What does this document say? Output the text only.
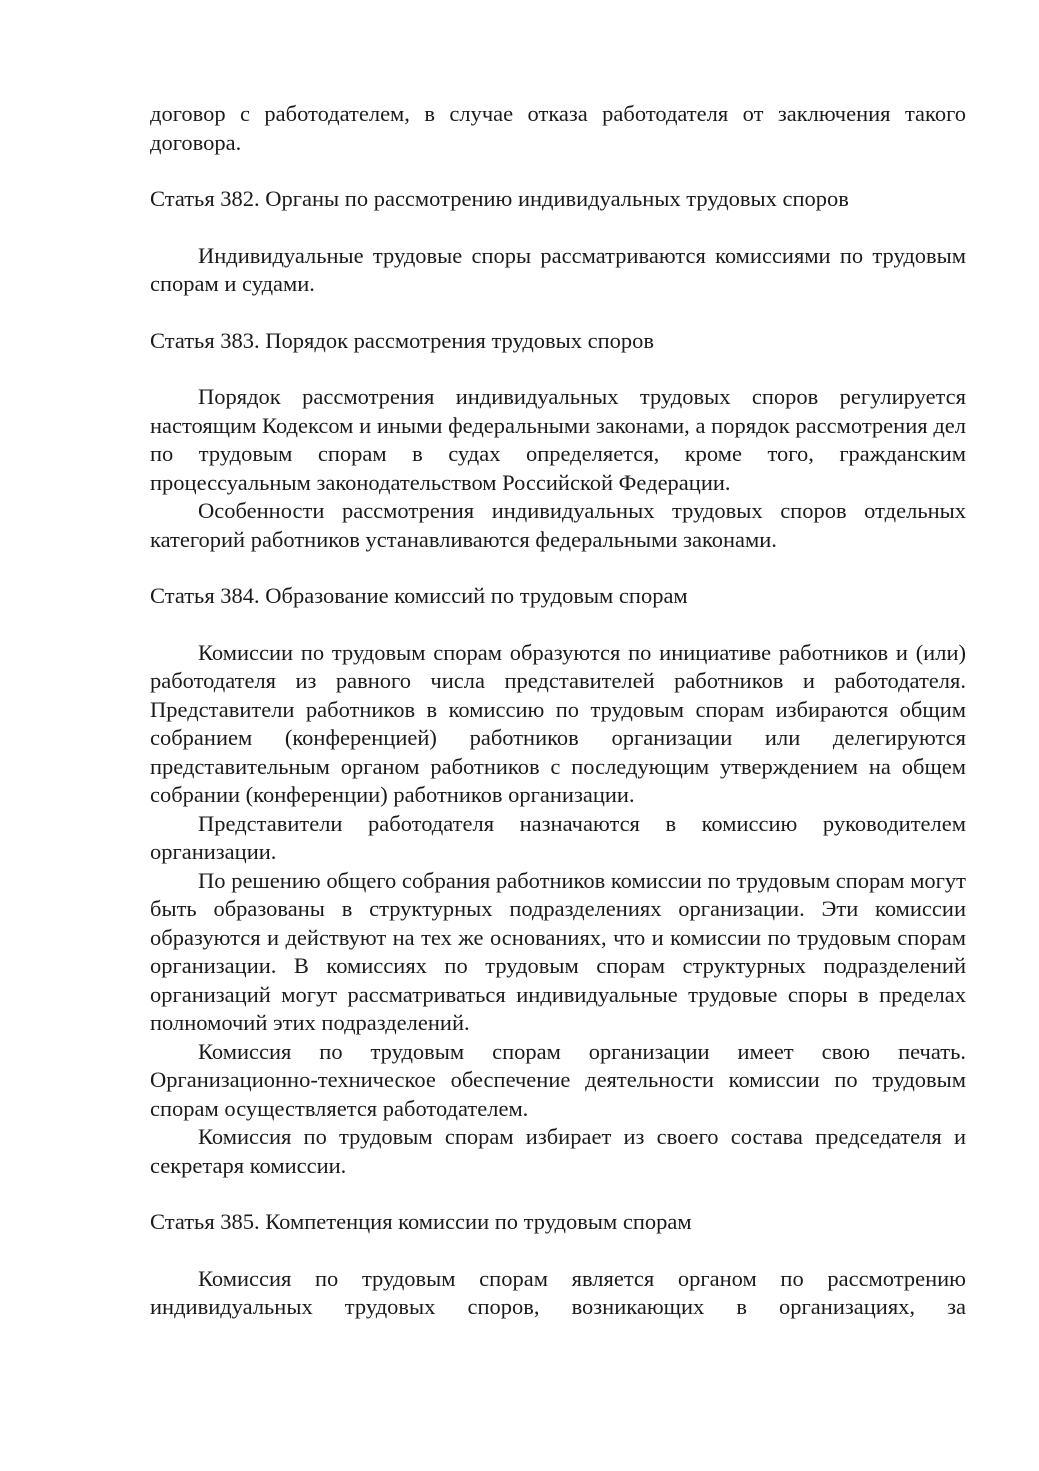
договор с работодателем, в случае отказа работодателя от заключения такого договора.

Статья 382. Органы по рассмотрению индивидуальных трудовых споров

Индивидуальные трудовые споры рассматриваются комиссиями по трудовым спорам и судами.

Статья 383. Порядок рассмотрения трудовых споров

Порядок рассмотрения индивидуальных трудовых споров регулируется настоящим Кодексом и иными федеральными законами, а порядок рассмотрения дел по трудовым спорам в судах определяется, кроме того, гражданским процессуальным законодательством Российской Федерации.

Особенности рассмотрения индивидуальных трудовых споров отдельных категорий работников устанавливаются федеральными законами.

Статья 384. Образование комиссий по трудовым спорам

Комиссии по трудовым спорам образуются по инициативе работников и (или) работодателя из равного числа представителей работников и работодателя. Представители работников в комиссию по трудовым спорам избираются общим собранием (конференцией) работников организации или делегируются представительным органом работников с последующим утверждением на общем собрании (конференции) работников организации.

Представители работодателя назначаются в комиссию руководителем организации.

По решению общего собрания работников комиссии по трудовым спорам могут быть образованы в структурных подразделениях организации. Эти комиссии образуются и действуют на тех же основаниях, что и комиссии по трудовым спорам организации. В комиссиях по трудовым спорам структурных подразделений организаций могут рассматриваться индивидуальные трудовые споры в пределах полномочий этих подразделений.

Комиссия по трудовым спорам организации имеет свою печать. Организационно-техническое обеспечение деятельности комиссии по трудовым спорам осуществляется работодателем.

Комиссия по трудовым спорам избирает из своего состава председателя и секретаря комиссии.

Статья 385. Компетенция комиссии по трудовым спорам

Комиссия по трудовым спорам является органом по рассмотрению индивидуальных трудовых споров, возникающих в организациях, за
